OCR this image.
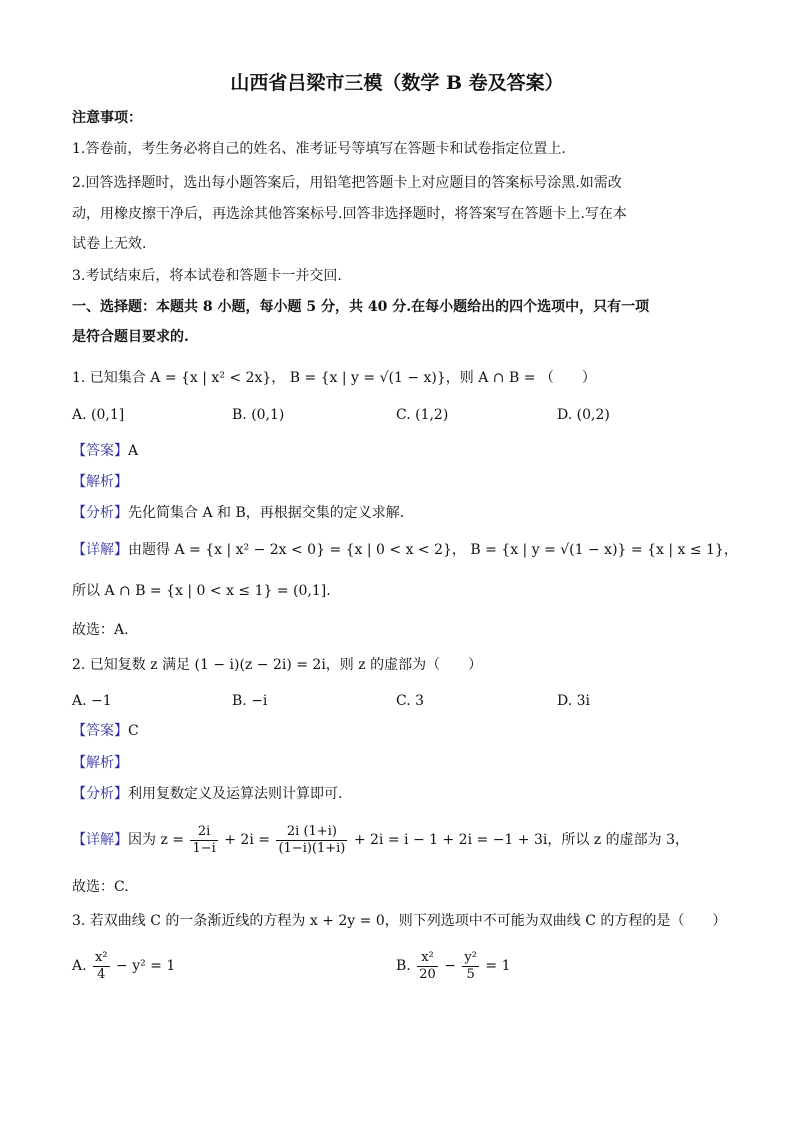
山西省吕梁市三模（数学 B 卷及答案）
注意事项：
1.答卷前，考生务必将自己的姓名、准考证号等填写在答题卡和试卷指定位置上.
2.回答选择题时，选出每小题答案后，用铅笔把答题卡上对应题目的答案标号涂黑.如需改
动，用橡皮擦干净后，再选涂其他答案标号.回答非选择题时，将答案写在答题卡上.写在本
试卷上无效.
3.考试结束后，将本试卷和答题卡一并交回.
一、选择题：本题共 8 小题，每小题 5 分，共 40 分.在每小题给出的四个选项中，只有一项
是符合题目要求的.
1. 已知集合 A = {x | x² < 2x}， B = {x | y = √(1 − x)}，则 A ∩ B = （　　）
A. (0,1]	B. (0,1)	C. (1,2)	D. (0,2)
【答案】A
【解析】
【分析】先化简集合 A 和 B，再根据交集的定义求解．
【详解】由题得 A = {x | x² − 2x < 0} = {x | 0 < x < 2}， B = {x | y = √(1 − x)} = {x | x ≤ 1}，
所以 A ∩ B = {x | 0 < x ≤ 1} = (0,1].
故选：A.
2. 已知复数 z 满足 (1 − i)(z − 2i) = 2i，则 z 的虚部为（　　）
A. −1	B. −i	C. 3	D. 3i
【答案】C
【解析】
【分析】利用复数定义及运算法则计算即可.
【详解】因为 $z = \frac{2i}{1-i} + 2i = \frac{2i (1+i)}{(1-i)(1+i)} + 2i = i - 1 + 2i = -1 + 3i$，所以 z 的虚部为 3，
故选：C.
3. 若双曲线 C 的一条渐近线的方程为 x + 2y = 0，则下列选项中不可能为双曲线 C 的方程的是（　　）
A. $\frac{\text{x²}}{4} - y^2 = 1$	B. $\frac{\text{x²}}{20} - \frac{\text{y²}}{5} = 1$
